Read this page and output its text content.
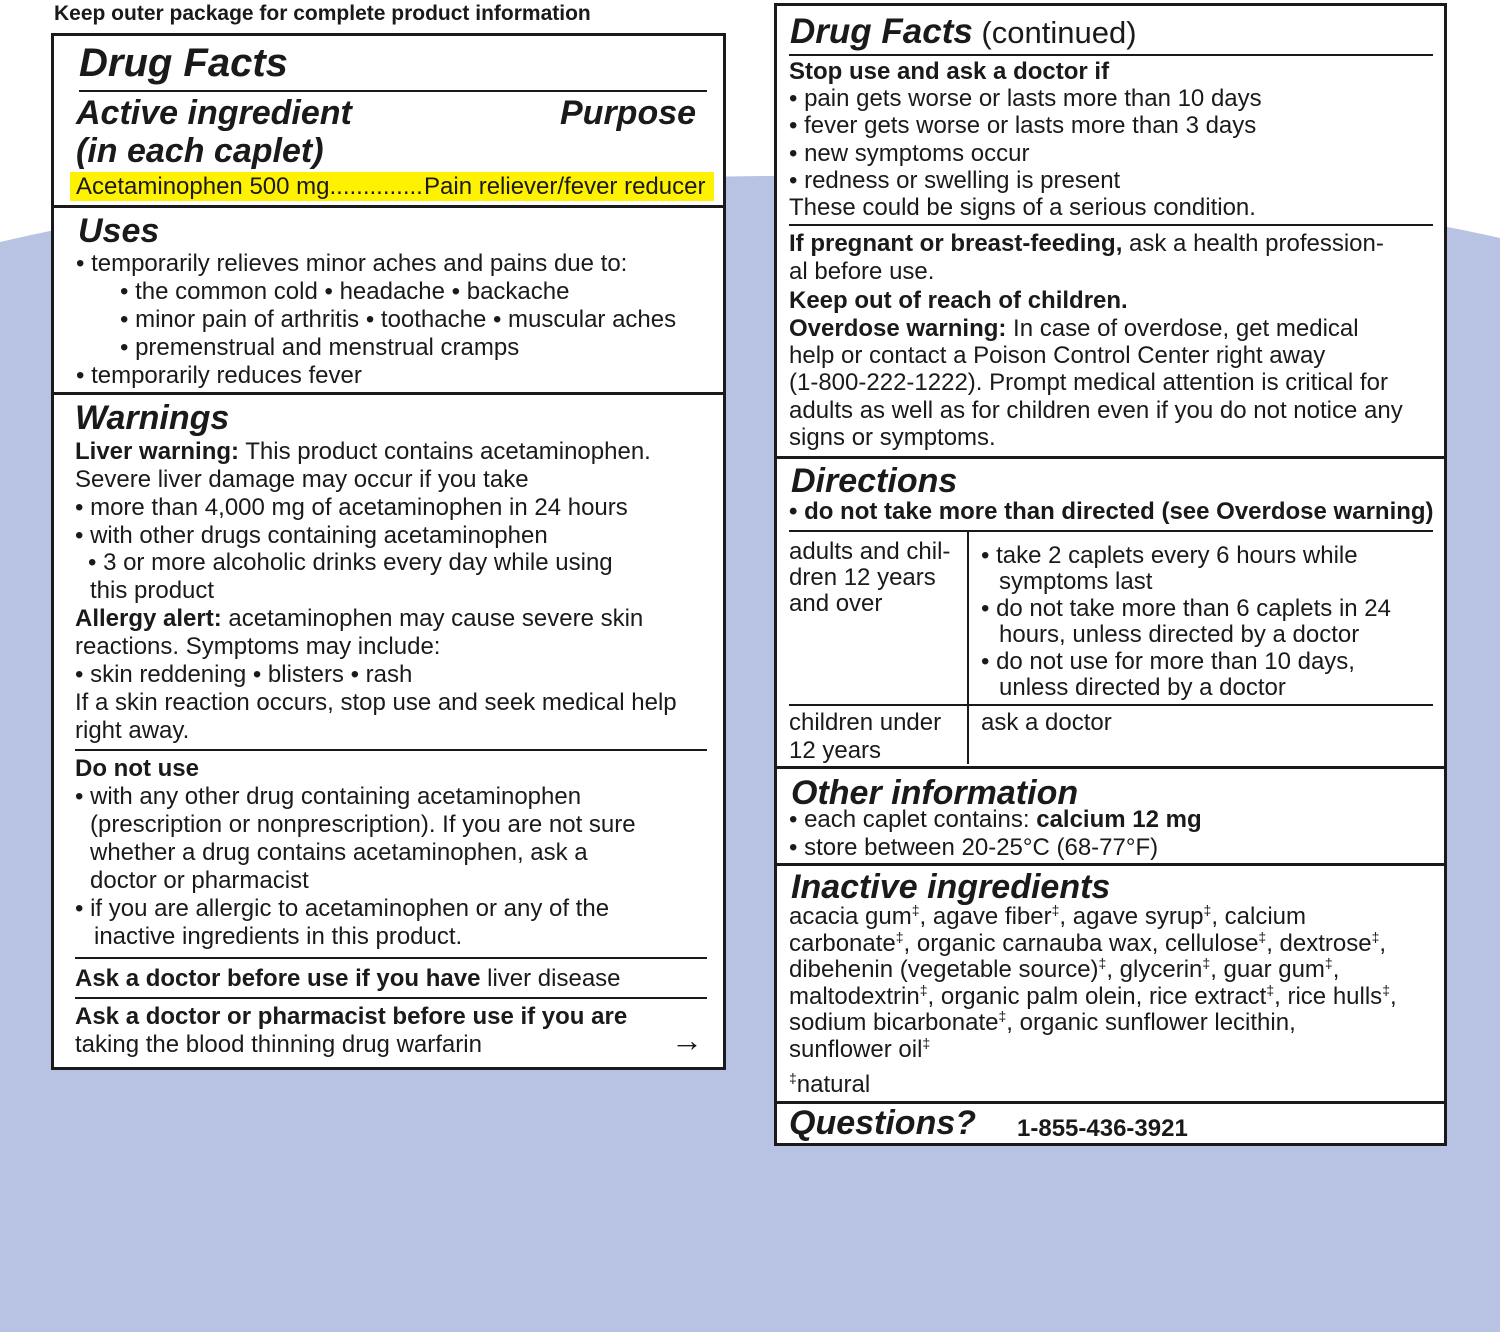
Keep outer package for complete product information
Drug Facts
Active ingredient
(in each caplet)
Purpose
Acetaminophen 500 mg.............. Pain reliever/fever reducer
Uses
• temporarily relieves minor aches and pains due to:
• the common cold • headache • backache
• minor pain of arthritis • toothache • muscular aches
• premenstrual and menstrual cramps
• temporarily reduces fever
Warnings
Liver warning: This product contains acetaminophen.
Severe liver damage may occur if you take
• more than 4,000 mg of acetaminophen in 24 hours
• with other drugs containing acetaminophen
• 3 or more alcoholic drinks every day while using
this product
Allergy alert: acetaminophen may cause severe skin
reactions. Symptoms may include:
• skin reddening • blisters • rash
If a skin reaction occurs, stop use and seek medical help
right away.
Do not use
• with any other drug containing acetaminophen
(prescription or nonprescription). If you are not sure
whether a drug contains acetaminophen, ask a
doctor or pharmacist
• if you are allergic to acetaminophen or any of the
inactive ingredients in this product.
Ask a doctor before use if you have liver disease
Ask a doctor or pharmacist before use if you are
taking the blood thinning drug warfarin	→
Drug Facts (continued)
Stop use and ask a doctor if
• pain gets worse or lasts more than 10 days
• fever gets worse or lasts more than 3 days
• new symptoms occur
• redness or swelling is present
These could be signs of a serious condition.
If pregnant or breast-feeding, ask a health profession-
al before use.
Keep out of reach of children.
Overdose warning: In case of overdose, get medical
help or contact a Poison Control Center right away
(1-800-222-1222). Prompt medical attention is critical for
adults as well as for children even if you do not notice any
signs or symptoms.
Directions
• do not take more than directed (see Overdose warning)
adults and chil-
dren 12 years
and over
• take 2 caplets every 6 hours while
symptoms last
• do not take more than 6 caplets in 24
hours, unless directed by a doctor
• do not use for more than 10 days,
unless directed by a doctor
children under
12 years
ask a doctor
Other information
• each caplet contains: calcium 12 mg
• store between 20-25°C (68-77°F)
Inactive ingredients
acacia gum‡, agave fiber‡, agave syrup‡, calcium
carbonate‡, organic carnauba wax, cellulose‡, dextrose‡,
dibehenin (vegetable source)‡, glycerin‡, guar gum‡,
maltodextrin‡, organic palm olein, rice extract‡, rice hulls‡,
sodium bicarbonate‡, organic sunflower lecithin,
sunflower oil‡
‡natural
Questions? 1-855-436-3921
